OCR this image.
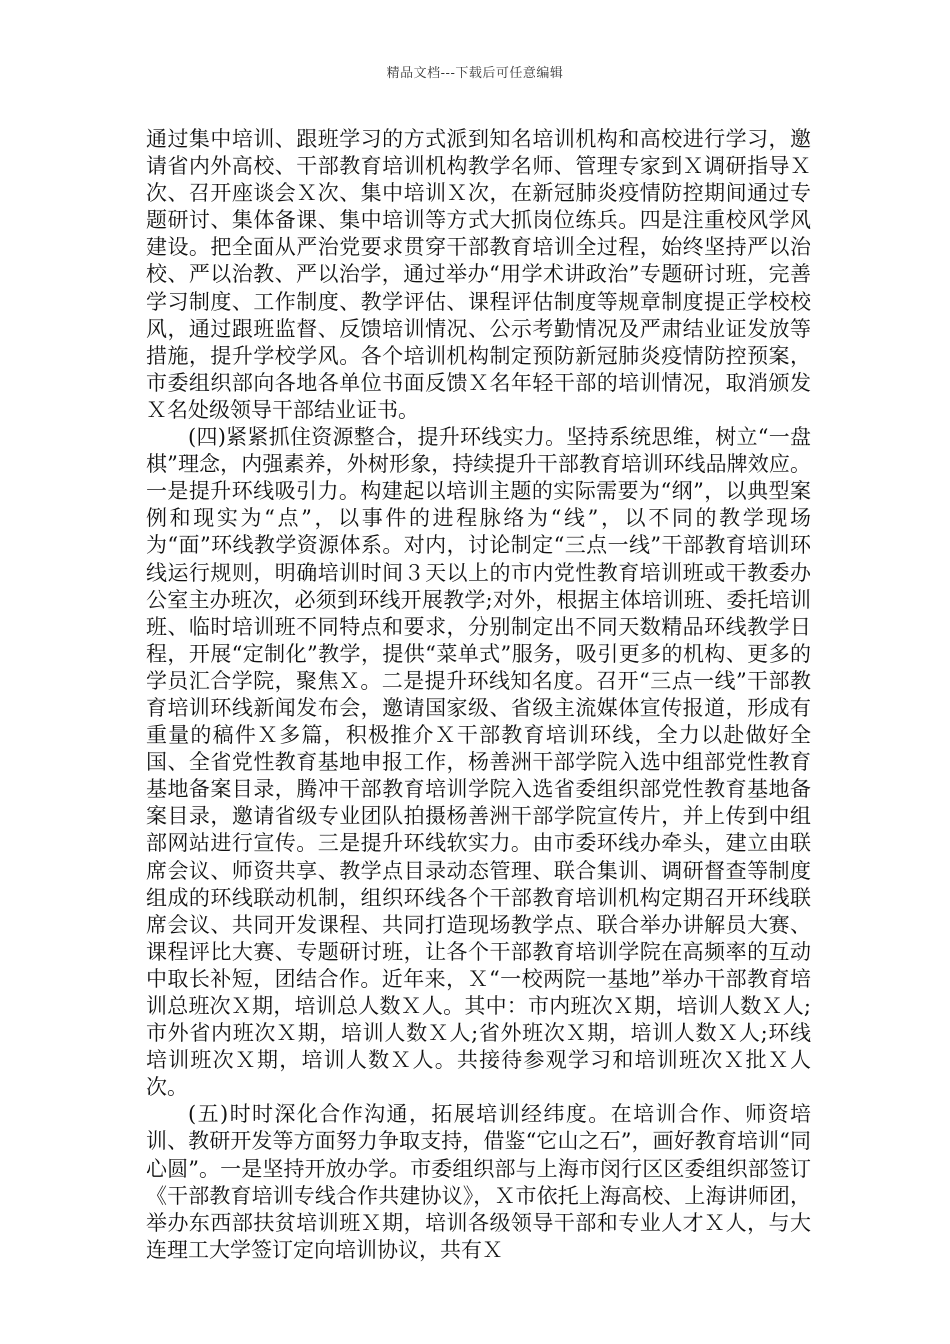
精品文档---下载后可任意编辑

通过集中培训、跟班学习的方式派到知名培训机构和高校进行学习，邀请省内外高校、干部教育培训机构教学名师、管理专家到Ｘ调研指导Ｘ次、召开座谈会Ｘ次、集中培训Ｘ次，在新冠肺炎疫情防控期间通过专题研讨、集体备课、集中培训等方式大抓岗位练兵。四是注重校风学风建设。把全面从严治党要求贯穿干部教育培训全过程，始终坚持严以治校、严以治教、严以治学，通过举办“用学术讲政治”专题研讨班，完善学习制度、工作制度、教学评估、课程评估制度等规章制度提正学校校风，通过跟班监督、反馈培训情况、公示考勤情况及严肃结业证发放等措施，提升学校学风。各个培训机构制定预防新冠肺炎疫情防控预案，市委组织部向各地各单位书面反馈Ｘ名年轻干部的培训情况，取消颁发Ｘ名处级领导干部结业证书。

(四)紧紧抓住资源整合，提升环线实力。坚持系统思维，树立“一盘棋”理念，内强素养，外树形象，持续提升干部教育培训环线品牌效应。一是提升环线吸引力。构建起以培训主题的实际需要为“纲”，以典型案例和现实为“点”，以事件的进程脉络为“线”，以不同的教学现场为“面”环线教学资源体系。对内，讨论制定“三点一线”干部教育培训环线运行规则，明确培训时间３天以上的市内党性教育培训班或干教委办公室主办班次，必须到环线开展教学;对外，根据主体培训班、委托培训班、临时培训班不同特点和要求，分别制定出不同天数精品环线教学日程，开展“定制化”教学，提供“菜单式”服务，吸引更多的机构、更多的学员汇合学院，聚焦Ｘ。二是提升环线知名度。召开“三点一线”干部教育培训环线新闻发布会，邀请国家级、省级主流媒体宣传报道，形成有重量的稿件Ｘ多篇，积极推介Ｘ干部教育培训环线，全力以赴做好全国、全省党性教育基地申报工作，杨善洲干部学院入选中组部党性教育基地备案目录，腾冲干部教育培训学院入选省委组织部党性教育基地备案目录，邀请省级专业团队拍摄杨善洲干部学院宣传片，并上传到中组部网站进行宣传。三是提升环线软实力。由市委环线办牵头，建立由联席会议、师资共享、教学点目录动态管理、联合集训、调研督查等制度组成的环线联动机制，组织环线各个干部教育培训机构定期召开环线联席会议、共同开发课程、共同打造现场教学点、联合举办讲解员大赛、课程评比大赛、专题研讨班，让各个干部教育培训学院在高频率的互动中取长补短，团结合作。近年来，Ｘ“一校两院一基地”举办干部教育培训总班次Ｘ期，培训总人数Ｘ人。其中：市内班次Ｘ期，培训人数Ｘ人;市外省内班次Ｘ期，培训人数Ｘ人;省外班次Ｘ期，培训人数Ｘ人;环线培训班次Ｘ期，培训人数Ｘ人。共接待参观学习和培训班次Ｘ批Ｘ人次。

(五)时时深化合作沟通，拓展培训经纬度。在培训合作、师资培训、教研开发等方面努力争取支持，借鉴“它山之石”，画好教育培训“同心圆”。一是坚持开放办学。市委组织部与上海市闵行区区委组织部签订《干部教育培训专线合作共建协议》，Ｘ市依托上海高校、上海讲师团，举办东西部扶贫培训班Ｘ期，培训各级领导干部和专业人才Ｘ人，与大连理工大学签订定向培训协议，共有Ｘ
